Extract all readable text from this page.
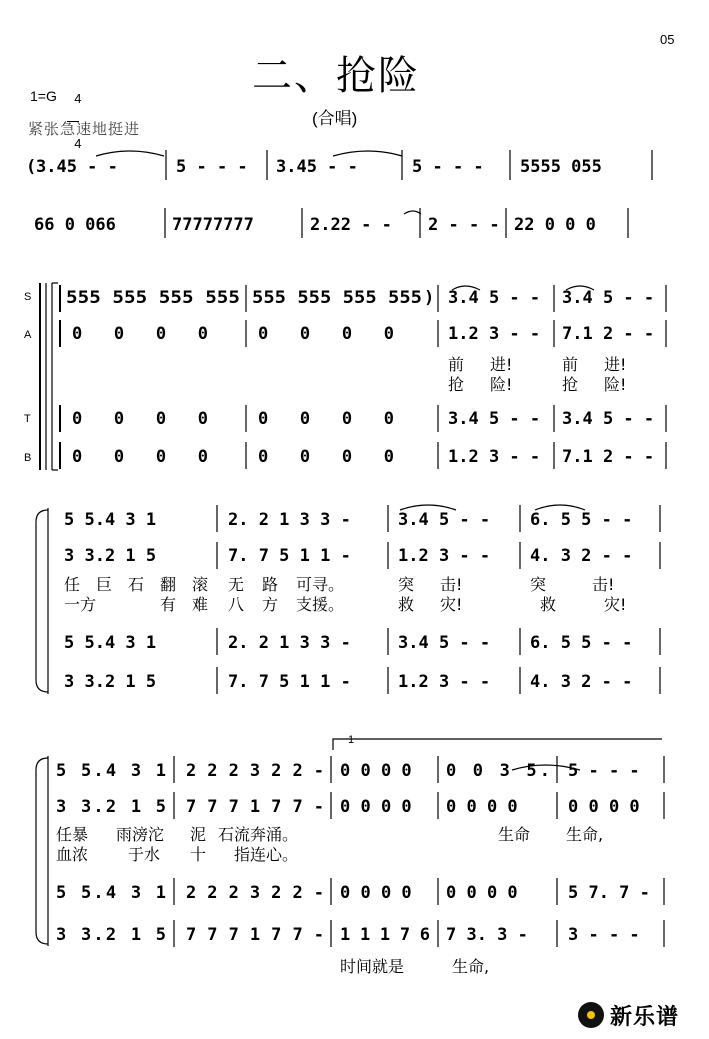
05
二、抢险
(合唱)
1=G	4

4

紧张急速地挺进
S
A
T
B
1
( 3.45 - -	5 - - - 3.45 - -	5 - - - 5555 055
66 0 066	77777777	2.22 - - 2 - - - 22 0 0 0
555 555 555 555 555 555 555 555 ) 3.4 5 - - 3.4 5 - -
0 0 0 0	0 0 0 0	1.2 3 - - 7.1 2 - -
前 进!	前 进!
抢 险!	抢 险!
0 0 0 0	0 0 0 0	3.4 5 - - 3.4 5 - -
0 0 0 0	0 0 0 0	1.2 3 - - 7.1 2 - -
5 5.4 3 1	2. 2 1 3 3 -	3.4 5 - - 6. 5 5 - -
3 3.2 1 5	7. 7 5 1 1 -	1.2 3 - - 4. 3 2 - -
任 巨 石 翻 滚 无 路 可寻。	突 击!	突	击!
一方	有 难 八 方 支援。	救 灾!	救	灾!
5 5.4 3 1	2. 2 1 3 3 -	3.4 5 - - 6. 5 5 - -
3 3.2 1 5	7. 7 5 1 1 -	1.2 3 - - 4. 3 2 - -
5 5.4 3 1 2 2 2 3 2 2 - 0 0 0 0 0 0 3 5. 5 - - -
3 3.2 1 5 7 7 7 1 7 7 - 0 0 0 0 0 0 0 0	0 0 0 0
任暴 雨滂沱 泥 石流奔涌。	生命 生命,
血浓 于水 十 指连心。
5 5.4 3 1 2 2 2 3 2 2 - 0 0 0 0 0 0 0 0	5 7. 7 -
3 3.2 1 5 7 7 7 1 7 7 - 1 1 1 7 6 7 3. 3 - 3 - - -
时间就是	生命,
新乐谱
